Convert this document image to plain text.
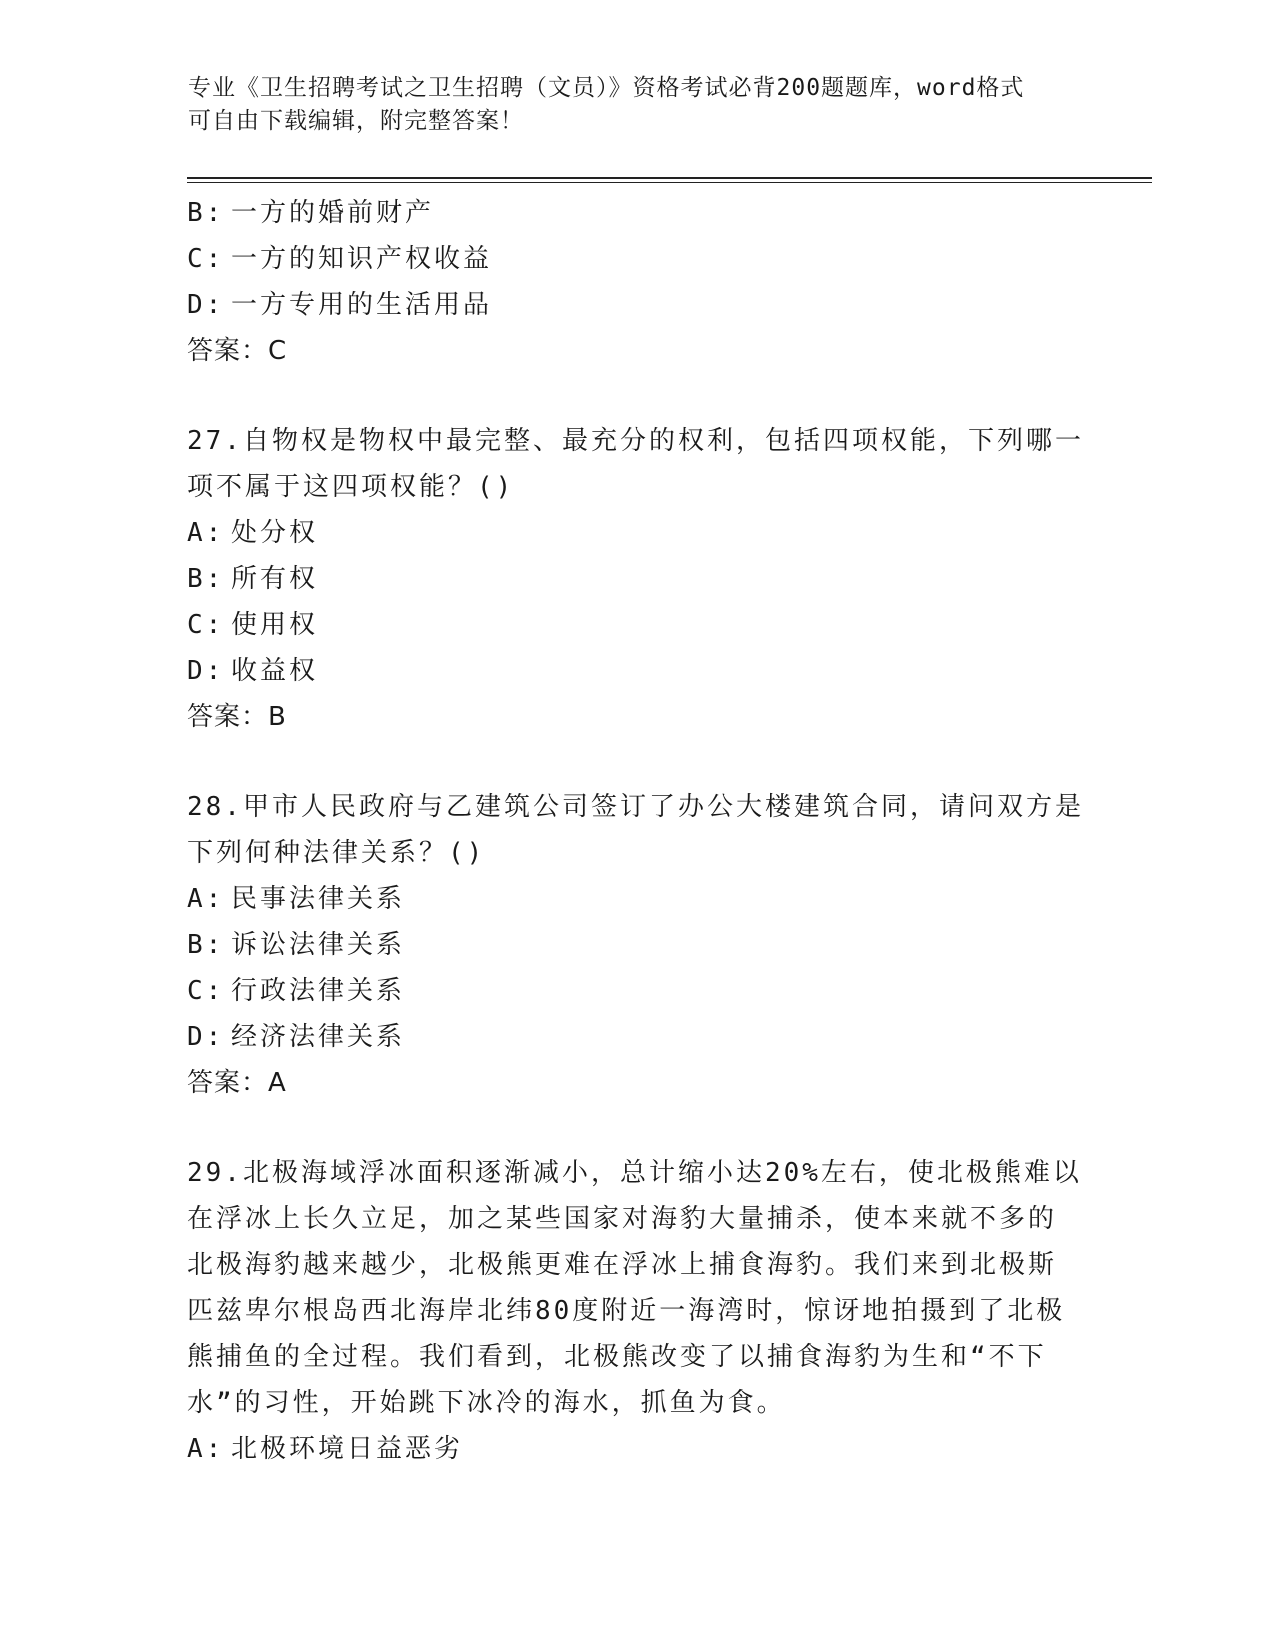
专业《卫生招聘考试之卫生招聘（文员）》资格考试必背200题题库，word格式
可自由下载编辑，附完整答案！
B: 一方的婚前财产
C: 一方的知识产权收益
D: 一方专用的生活用品
答案：C
27.自物权是物权中最完整、最充分的权利，包括四项权能，下列哪一
项不属于这四项权能？()
A: 处分权
B: 所有权
C: 使用权
D: 收益权
答案：B
28.甲市人民政府与乙建筑公司签订了办公大楼建筑合同，请问双方是
下列何种法律关系？()
A: 民事法律关系
B: 诉讼法律关系
C: 行政法律关系
D: 经济法律关系
答案：A
29.北极海域浮冰面积逐渐减小，总计缩小达20%左右，使北极熊难以
在浮冰上长久立足，加之某些国家对海豹大量捕杀，使本来就不多的
北极海豹越来越少，北极熊更难在浮冰上捕食海豹。我们来到北极斯
匹兹卑尔根岛西北海岸北纬80度附近一海湾时，惊讶地拍摄到了北极
熊捕鱼的全过程。我们看到，北极熊改变了以捕食海豹为生和“不下
水”的习性，开始跳下冰冷的海水，抓鱼为食。
A: 北极环境日益恶劣
